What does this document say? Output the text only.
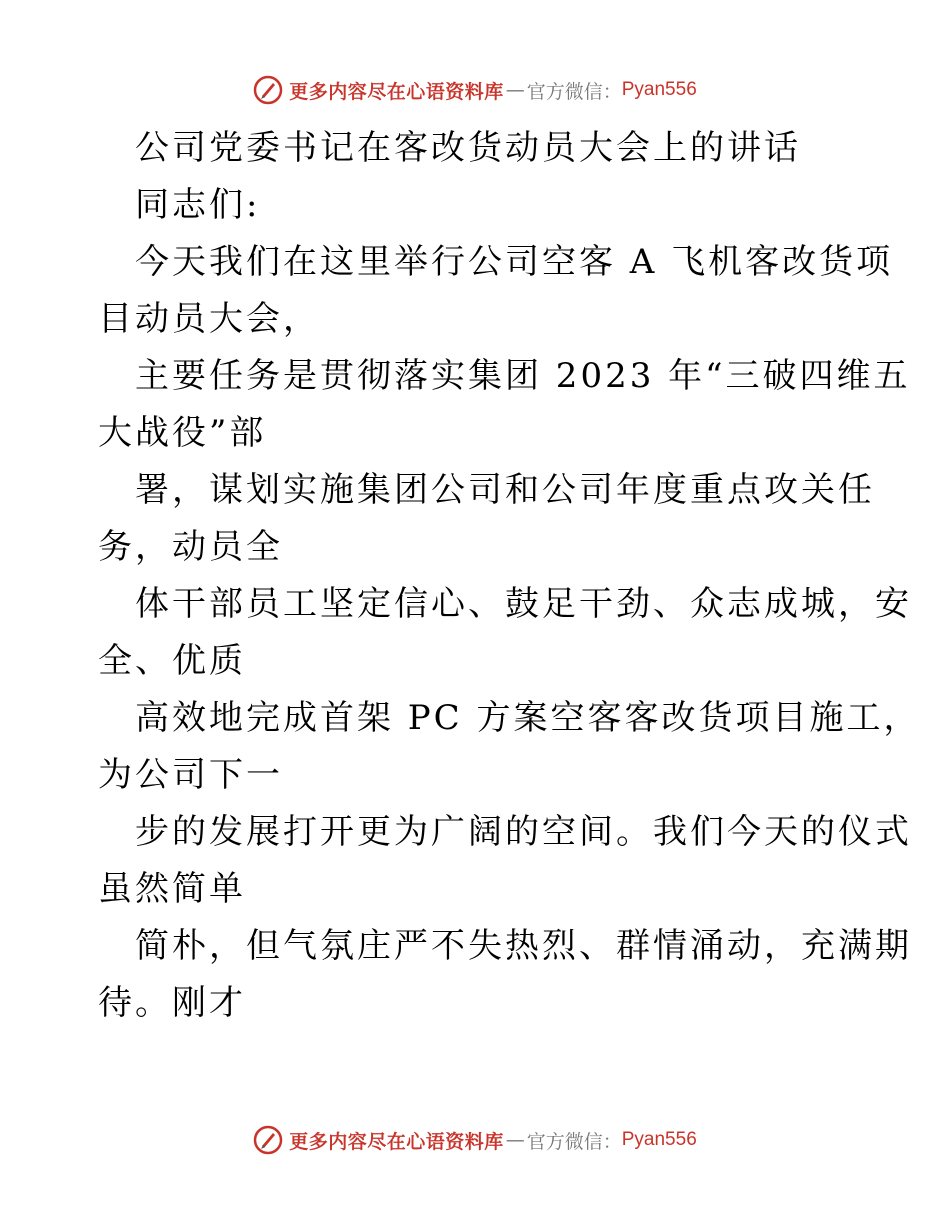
更多内容尽在心语资料库 — 官方微信： Pyan556
公司党委书记在客改货动员大会上的讲话
同志们:
今天我们在这里举行公司空客 A 飞机客改货项
目动员大会，
主要任务是贯彻落实集团 2023 年“三破四维五
大战役”部
署，谋划实施集团公司和公司年度重点攻关任
务，动员全
体干部员工坚定信心、鼓足干劲、众志成城，安
全、优质
高效地完成首架 PC 方案空客客改货项目施工，
为公司下一
步的发展打开更为广阔的空间。我们今天的仪式
虽然简单
简朴，但气氛庄严不失热烈、群情涌动，充满期
待。刚才
更多内容尽在心语资料库 — 官方微信： Pyan556
